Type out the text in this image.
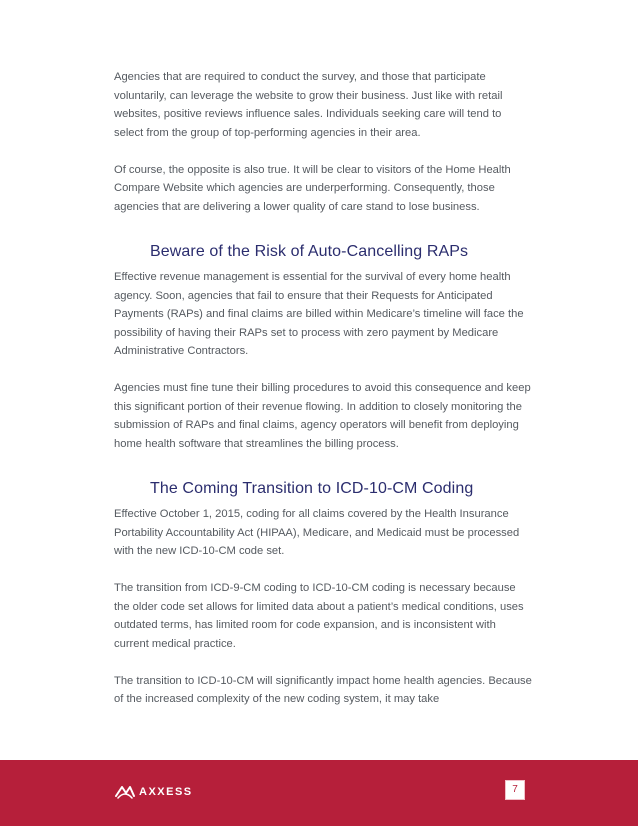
Agencies that are required to conduct the survey, and those that participate voluntarily, can leverage the website to grow their business. Just like with retail websites, positive reviews influence sales. Individuals seeking care will tend to select from the group of top-performing agencies in their area.

Of course, the opposite is also true. It will be clear to visitors of the Home Health Compare Website which agencies are underperforming. Consequently, those agencies that are delivering a lower quality of care stand to lose business.

Beware of the Risk of Auto-Cancelling RAPs

Effective revenue management is essential for the survival of every home health agency. Soon, agencies that fail to ensure that their Requests for Anticipated Payments (RAPs) and final claims are billed within Medicare’s timeline will face the possibility of having their RAPs set to process with zero payment by Medicare Administrative Contractors.

Agencies must fine tune their billing procedures to avoid this consequence and keep this significant portion of their revenue flowing. In addition to closely monitoring the submission of RAPs and final claims, agency operators will benefit from deploying home health software that streamlines the billing process.

The Coming Transition to ICD-10-CM Coding

Effective October 1, 2015, coding for all claims covered by the Health Insurance Portability Accountability Act (HIPAA), Medicare, and Medicaid must be processed with the new ICD-10-CM code set.

The transition from ICD-9-CM coding to ICD-10-CM coding is necessary because the older code set allows for limited data about a patient’s medical conditions, uses outdated terms, has limited room for code expansion, and is inconsistent with current medical practice.

The transition to ICD-10-CM will significantly impact home health agencies. Because of the increased complexity of the new coding system, it may take

AXXESS	7
